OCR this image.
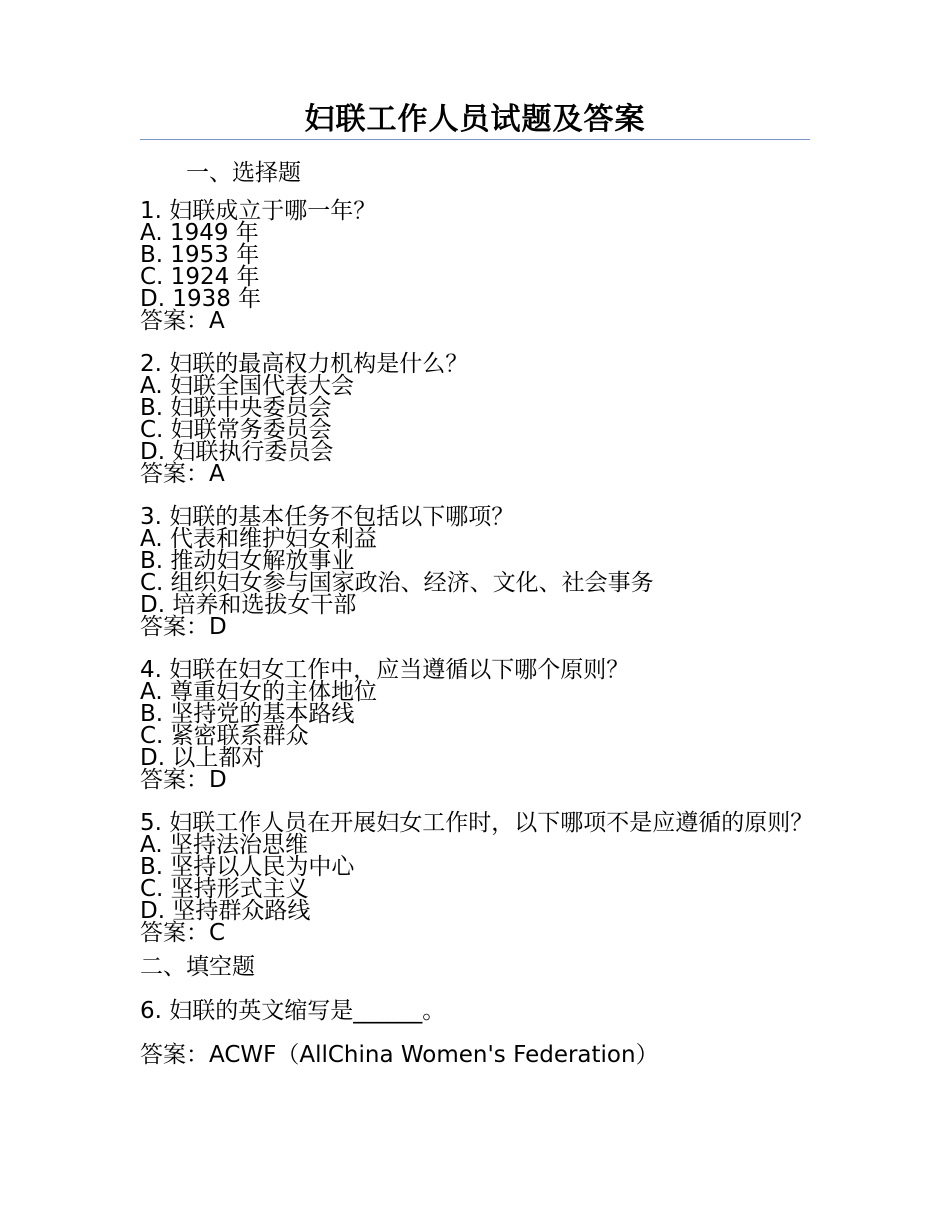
妇联工作人员试题及答案
一、选择题
1. 妇联成立于哪一年？
A. 1949 年
B. 1953 年
C. 1924 年
D. 1938 年
答案：A
2. 妇联的最高权力机构是什么？
A. 妇联全国代表大会
B. 妇联中央委员会
C. 妇联常务委员会
D. 妇联执行委员会
答案：A
3. 妇联的基本任务不包括以下哪项？
A. 代表和维护妇女利益
B. 推动妇女解放事业
C. 组织妇女参与国家政治、经济、文化、社会事务
D. 培养和选拔女干部
答案：D
4. 妇联在妇女工作中，应当遵循以下哪个原则？
A. 尊重妇女的主体地位
B. 坚持党的基本路线
C. 紧密联系群众
D. 以上都对
答案：D
5. 妇联工作人员在开展妇女工作时，以下哪项不是应遵循的原则？
A. 坚持法治思维
B. 坚持以人民为中心
C. 坚持形式主义
D. 坚持群众路线
答案：C
二、填空题
6. 妇联的英文缩写是______。
答案：ACWF（AllChina Women's Federation）
